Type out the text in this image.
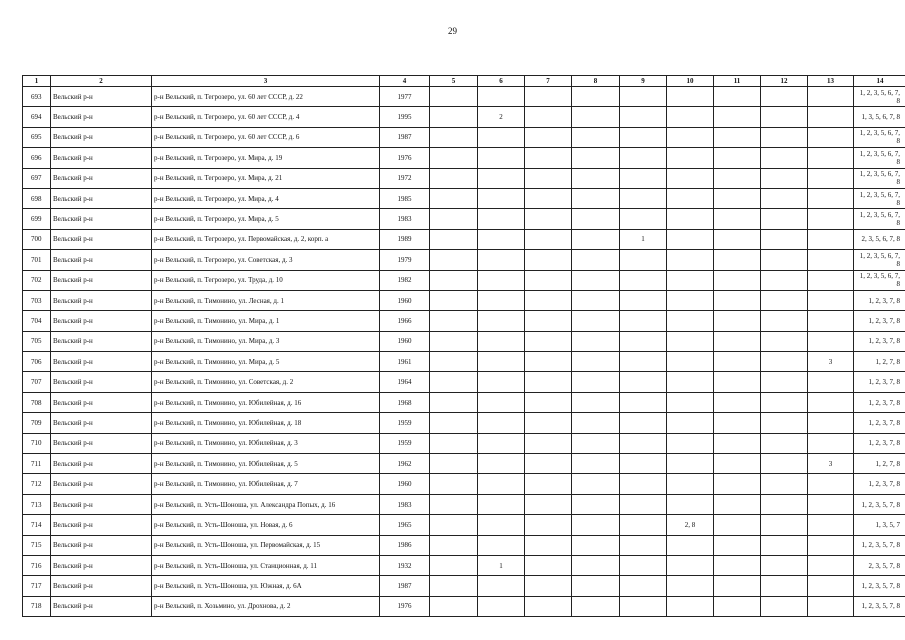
29
1	2	3	4	5	6	7	8	9	10	11	12	13	14
693	Вельский р-н	р-н Вельский, п. Тегрозеро, ул. 60 лет СССР, д. 22	1977										1, 2, 3, 5, 6, 7, 8
694	Вельский р-н	р-н Вельский, п. Тегрозеро, ул. 60 лет СССР, д. 4	1995		2								1, 3, 5, 6, 7, 8
695	Вельский р-н	р-н Вельский, п. Тегрозеро, ул. 60 лет СССР, д. 6	1987										1, 2, 3, 5, 6, 7, 8
696	Вельский р-н	р-н Вельский, п. Тегрозеро, ул. Мира, д. 19	1976										1, 2, 3, 5, 6, 7, 8
697	Вельский р-н	р-н Вельский, п. Тегрозеро, ул. Мира, д. 21	1972										1, 2, 3, 5, 6, 7, 8
698	Вельский р-н	р-н Вельский, п. Тегрозеро, ул. Мира, д. 4	1985										1, 2, 3, 5, 6, 7, 8
699	Вельский р-н	р-н Вельский, п. Тегрозеро, ул. Мира, д. 5	1983										1, 2, 3, 5, 6, 7, 8
700	Вельский р-н	р-н Вельский, п. Тегрозеро, ул. Первомайская, д. 2, корп. а	1989					1					2, 3, 5, 6, 7, 8
701	Вельский р-н	р-н Вельский, п. Тегрозеро, ул. Советская, д. 3	1979										1, 2, 3, 5, 6, 7, 8
702	Вельский р-н	р-н Вельский, п. Тегрозеро, ул. Труда, д. 10	1982										1, 2, 3, 5, 6, 7, 8
703	Вельский р-н	р-н Вельский, п. Тимонино, ул. Лесная, д. 1	1960										1, 2, 3, 7, 8
704	Вельский р-н	р-н Вельский, п. Тимонино, ул. Мира, д. 1	1966										1, 2, 3, 7, 8
705	Вельский р-н	р-н Вельский, п. Тимонино, ул. Мира, д. 3	1960										1, 2, 3, 7, 8
706	Вельский р-н	р-н Вельский, п. Тимонино, ул. Мира, д. 5	1961									3	1, 2, 7, 8
707	Вельский р-н	р-н Вельский, п. Тимонино, ул. Советская, д. 2	1964										1, 2, 3, 7, 8
708	Вельский р-н	р-н Вельский, п. Тимонино, ул. Юбилейная, д. 16	1968										1, 2, 3, 7, 8
709	Вельский р-н	р-н Вельский, п. Тимонино, ул. Юбилейная, д. 18	1959										1, 2, 3, 7, 8
710	Вельский р-н	р-н Вельский, п. Тимонино, ул. Юбилейная, д. 3	1959										1, 2, 3, 7, 8
711	Вельский р-н	р-н Вельский, п. Тимонино, ул. Юбилейная, д. 5	1962									3	1, 2, 7, 8
712	Вельский р-н	р-н Вельский, п. Тимонино, ул. Юбилейная, д. 7	1960										1, 2, 3, 7, 8
713	Вельский р-н	р-н Вельский, п. Усть-Шоноша, ул. Александра Попых, д. 16	1983										1, 2, 3, 5, 7, 8
714	Вельский р-н	р-н Вельский, п. Усть-Шоноша, ул. Новая, д. 6	1965						2, 8				1, 3, 5, 7
715	Вельский р-н	р-н Вельский, п. Усть-Шоноша, ул. Первомайская, д. 15	1986										1, 2, 3, 5, 7, 8
716	Вельский р-н	р-н Вельский, п. Усть-Шоноша, ул. Станционная, д. 11	1932		1								2, 3, 5, 7, 8
717	Вельский р-н	р-н Вельский, п. Усть-Шоноша, ул. Южная, д. 6А	1987										1, 2, 3, 5, 7, 8
718	Вельский р-н	р-н Вельский, п. Хозьмино, ул. Дрохнова, д. 2	1976										1, 2, 3, 5, 7, 8
